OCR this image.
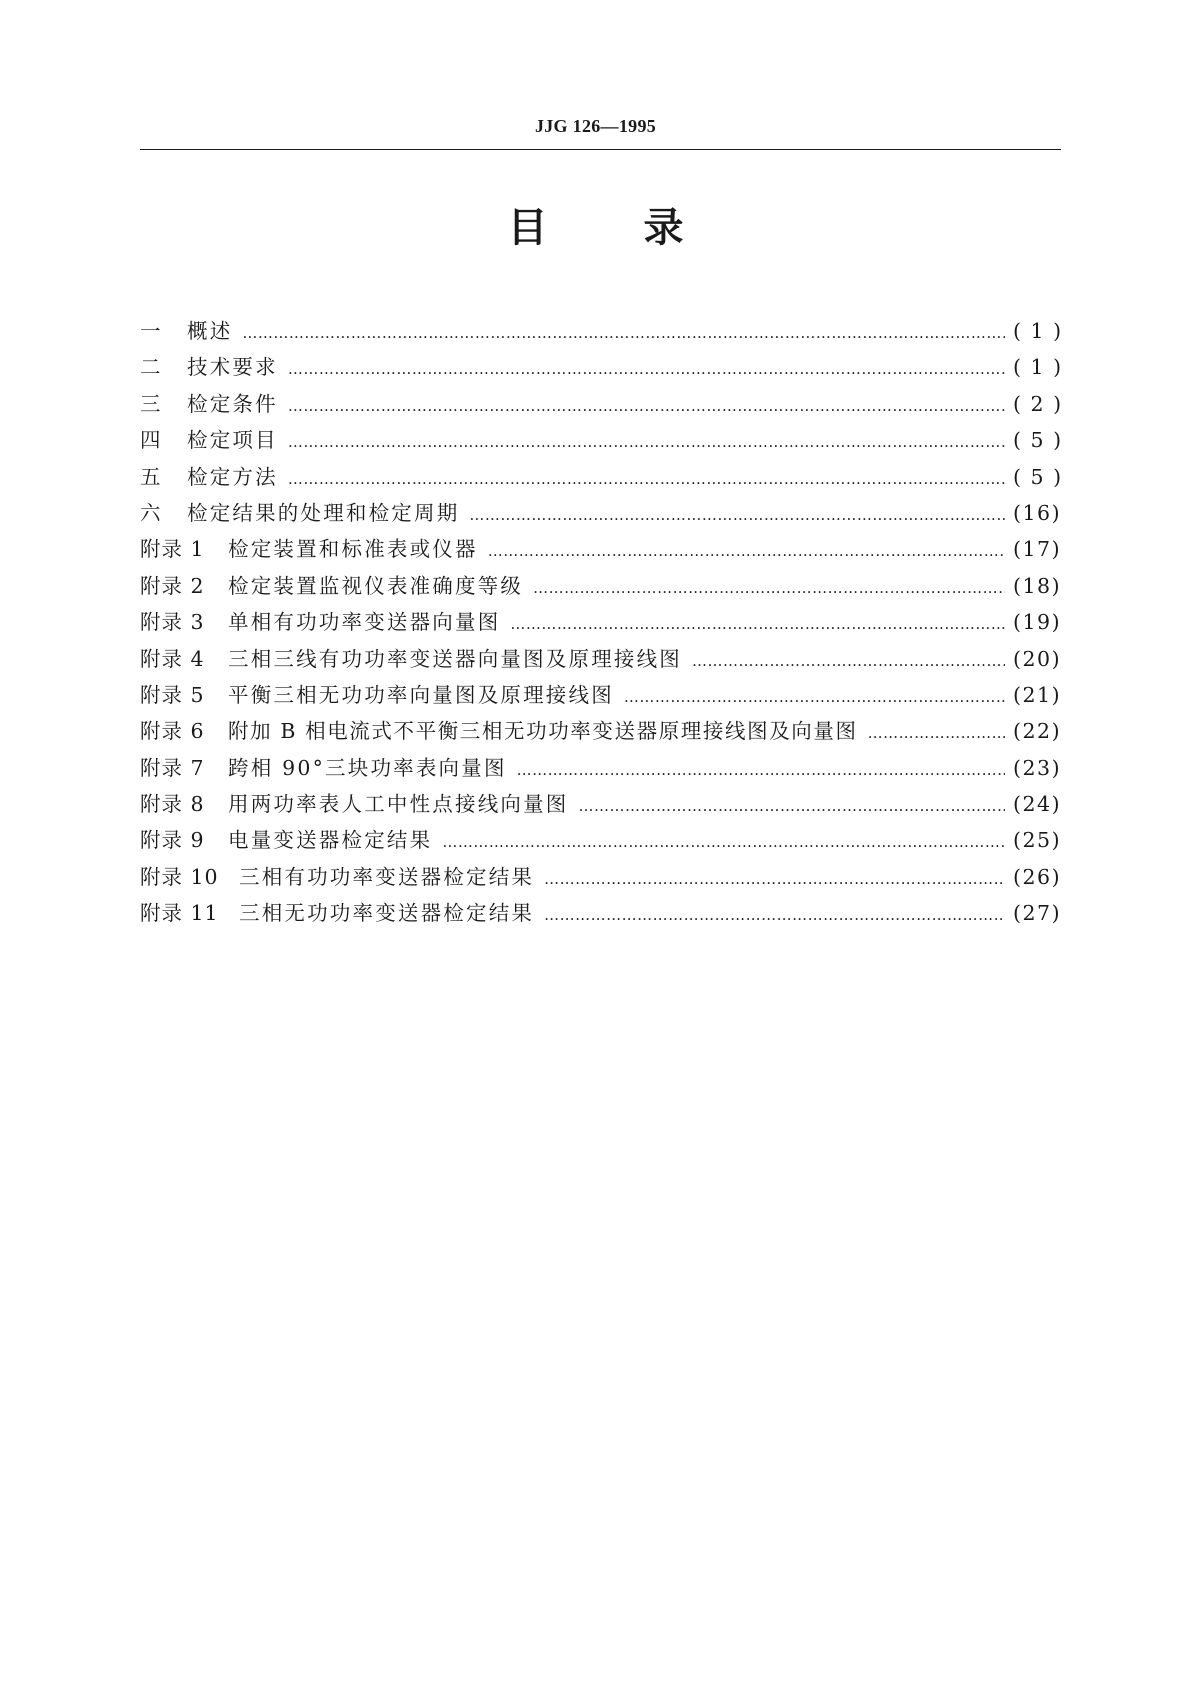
JJG 126—1995
目录
一	概述 ………………………………………………………………………………………………………………………………………………………………	( 1 )
二	技术要求 ………………………………………………………………………………………………………………………………………………………………	( 1 )
三	检定条件 ………………………………………………………………………………………………………………………………………………………………	( 2 )
四	检定项目 ………………………………………………………………………………………………………………………………………………………………	( 5 )
五	检定方法 ………………………………………………………………………………………………………………………………………………………………	( 5 )
六	检定结果的处理和检定周期 ………………………………………………………………………………………………………………………………………………………………	(16)
附录 1	检定装置和标准表或仪器 ………………………………………………………………………………………………………………………………………………………………	(17)
附录 2	检定装置监视仪表准确度等级 ………………………………………………………………………………………………………………………………………………………………	(18)
附录 3	单相有功功率变送器向量图 ………………………………………………………………………………………………………………………………………………………………	(19)
附录 4	三相三线有功功率变送器向量图及原理接线图 ………………………………………………………………………………………………………………………………………………………………	(20)
附录 5	平衡三相无功功率向量图及原理接线图 ………………………………………………………………………………………………………………………………………………………………	(21)
附录 6	附加 B 相电流式不平衡三相无功功率变送器原理接线图及向量图 ………………………………………………………………………………………………………………………………………………………………	(22)
附录 7	跨相 90°三块功率表向量图 ………………………………………………………………………………………………………………………………………………………………	(23)
附录 8	用两功率表人工中性点接线向量图 ………………………………………………………………………………………………………………………………………………………………	(24)
附录 9	电量变送器检定结果 ………………………………………………………………………………………………………………………………………………………………	(25)
附录 10 三相有功功率变送器检定结果 ………………………………………………………………………………………………………………………………………………………………	(26)
附录 11 三相无功功率变送器检定结果 ………………………………………………………………………………………………………………………………………………………………	(27)
